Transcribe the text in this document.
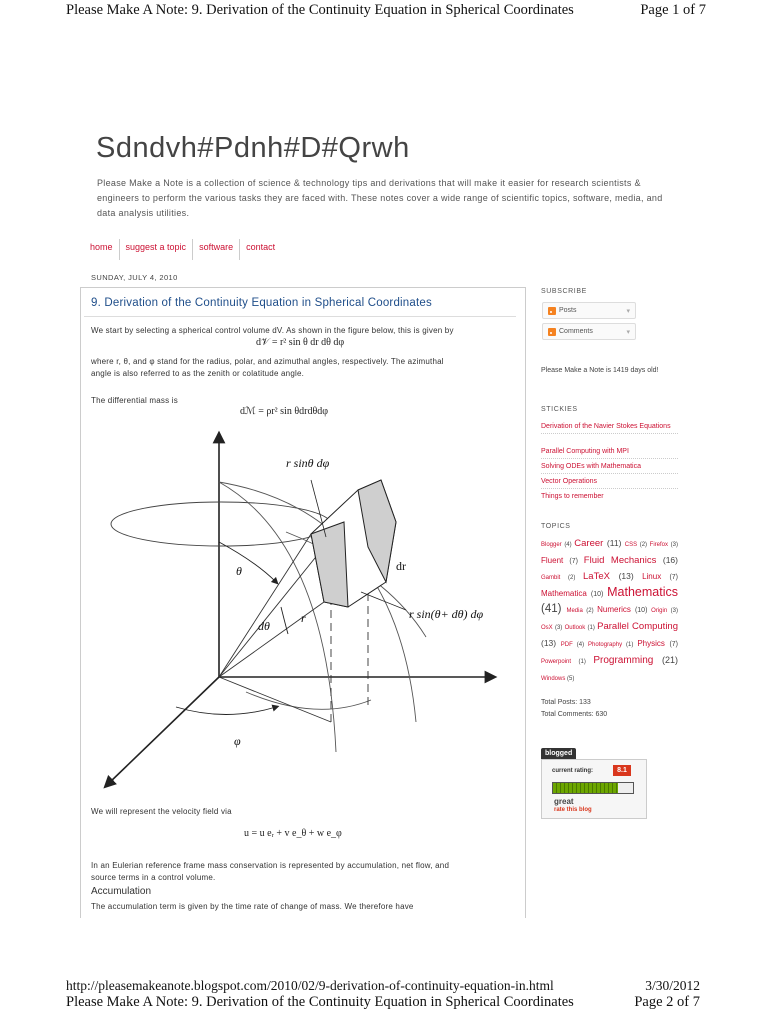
Please Make A Note: 9. Derivation of the Continuity Equation in Spherical Coordinates	Page 1 of 7
Sdndvh#Pdnh#D#Qrwh
Please Make a Note is a collection of science & technology tips and derivations that will make it easier for research scientists & engineers to perform the various tasks they are faced with. These notes cover a wide range of scientific topics, software, media, and data analysis utilities.
home	suggest a topic	software	contact
SUNDAY, JULY 4, 2010
9. Derivation of the Continuity Equation in Spherical Coordinates
We start by selecting a spherical control volume dV. As shown in the figure below, this is given by
d𝒱 = r² sin θ dr dθ dφ
where r, θ, and φ stand for the radius, polar, and azimuthal angles, respectively. The azimuthal
angle is also referred to as the zenith or colatitude angle.
The differential mass is
dℳ = ρr² sin θdrdθdφ
r sinθ dφ
θ	dr
dθ
r	r sin(θ+ dθ) dφ
φ
We will represent the velocity field via
u = u eᵣ + v e_θ + w e_φ
In an Eulerian reference frame mass conservation is represented by accumulation, net flow, and
source terms in a control volume.
Accumulation
The accumulation term is given by the time rate of change of mass. We therefore have
SUBSCRIBE
Posts	▾
Comments	▾
Please Make a Note is 1419 days old!
STICKIES
Derivation of the Navier Stokes Equations
Parallel Computing with MPI
Solving ODEs with Mathematica
Vector Operations
Things to remember
TOPICS
Blogger (4) Career (11) CSS (2) Firefox (3) Fluent (7) Fluid Mechanics (16) Gambit (2) LaTeX (13) Linux (7) Mathematica (10) Mathematics (41) Media (2) Numerics (10) Origin (3) OsX (3) Outlook (1) Parallel Computing (13) PDF (4) Photography (1) Physics (7) Powerpoint (1) Programming (21) Windows (5)
Total Posts: 133
Total Comments: 630
blogged
current rating:	8.1
great
rate this blog
http://pleasemakeanote.blogspot.com/2010/02/9-derivation-of-continuity-equation-in.html	3/30/2012
Please Make A Note: 9. Derivation of the Continuity Equation in Spherical Coordinates	Page 2 of 7
